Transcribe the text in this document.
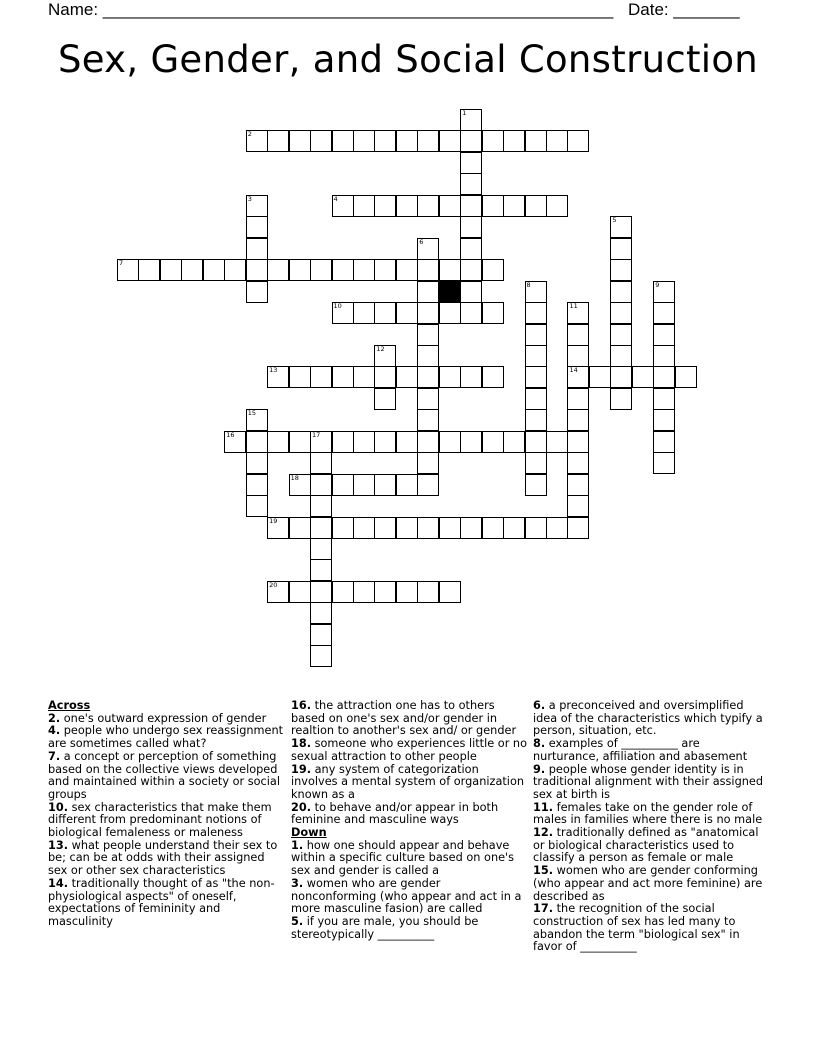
Name: ______________________________________________________ Date: _______
Sex, Gender, and Social Construction
1
2
3	4
5
6
7
8	9
10	11
14
12
13
15
16	17
18
19
20
Across
2. one's outward expression of gender
4. people who undergo sex reassignment are sometimes called what?
7. a concept or perception of something based on the collective views developed and maintained within a society or social groups
10. sex characteristics that make them different from predominant notions of biological femaleness or maleness
13. what people understand their sex to be; can be at odds with their assigned sex or other sex characteristics
14. traditionally thought of as "the non-physiological aspects" of oneself, expectations of femininity and masculinity
16. the attraction one has to others based on one's sex and/or gender in realtion to another's sex and/ or gender
18. someone who experiences little or no sexual attraction to other people
19. any system of categorization involves a mental system of organization known as a
20. to behave and/or appear in both feminine and masculine ways
Down
1. how one should appear and behave within a specific culture based on one's sex and gender is called a
3. women who are gender nonconforming (who appear and act in a more masculine fasion) are called
5. if you are male, you should be stereotypically __________
6. a preconceived and oversimplified idea of the characteristics which typify a person, situation, etc.
8. examples of __________ are nurturance, affiliation and abasement
9. people whose gender identity is in traditional alignment with their assigned sex at birth is
11. females take on the gender role of males in families where there is no male
12. traditionally defined as "anatomical or biological characteristics used to classify a person as female or male
15. women who are gender conforming (who appear and act more feminine) are described as
17. the recognition of the social construction of sex has led many to abandon the term "biological sex" in favor of __________
